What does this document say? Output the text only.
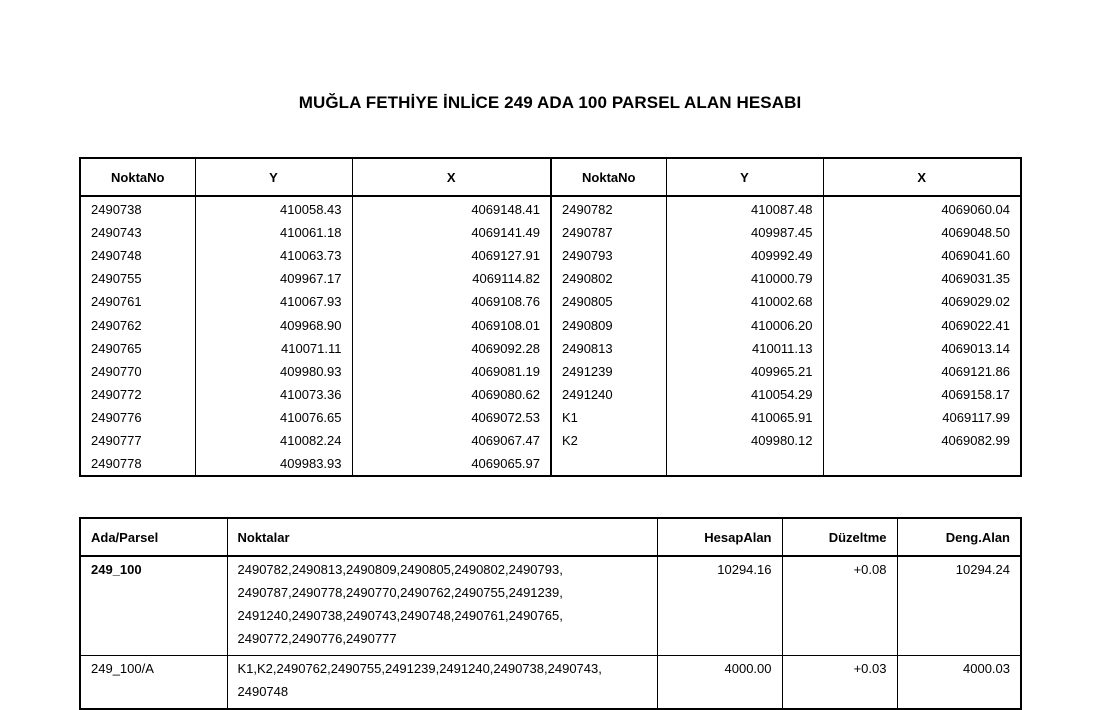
MUĞLA FETHİYE İNLİCE 249 ADA 100 PARSEL ALAN HESABI
NoktaNo	Y	X	NoktaNo	Y	X
2490738	410058.43	4069148.41	2490782	410087.48	4069060.04
2490743	410061.18	4069141.49	2490787	409987.45	4069048.50
2490748	410063.73	4069127.91	2490793	409992.49	4069041.60
2490755	409967.17	4069114.82	2490802	410000.79	4069031.35
2490761	410067.93	4069108.76	2490805	410002.68	4069029.02
2490762	409968.90	4069108.01	2490809	410006.20	4069022.41
2490765	410071.11	4069092.28	2490813	410011.13	4069013.14
2490770	409980.93	4069081.19	2491239	409965.21	4069121.86
2490772	410073.36	4069080.62	2491240	410054.29	4069158.17
2490776	410076.65	4069072.53	K1	410065.91	4069117.99
2490777	410082.24	4069067.47	K2	409980.12	4069082.99
2490778	409983.93	4069065.97			
Ada/Parsel	Noktalar	HesapAlan	Düzeltme	Deng.Alan
249_100	2490782,2490813,2490809,2490805,2490802,2490793,
2490787,2490778,2490770,2490762,2490755,2491239,
2491240,2490738,2490743,2490748,2490761,2490765,
2490772,2490776,2490777	10294.16	+0.08	10294.24
249_100/A	K1,K2,2490762,2490755,2491239,2491240,2490738,2490743,
2490748	4000.00	+0.03	4000.03
